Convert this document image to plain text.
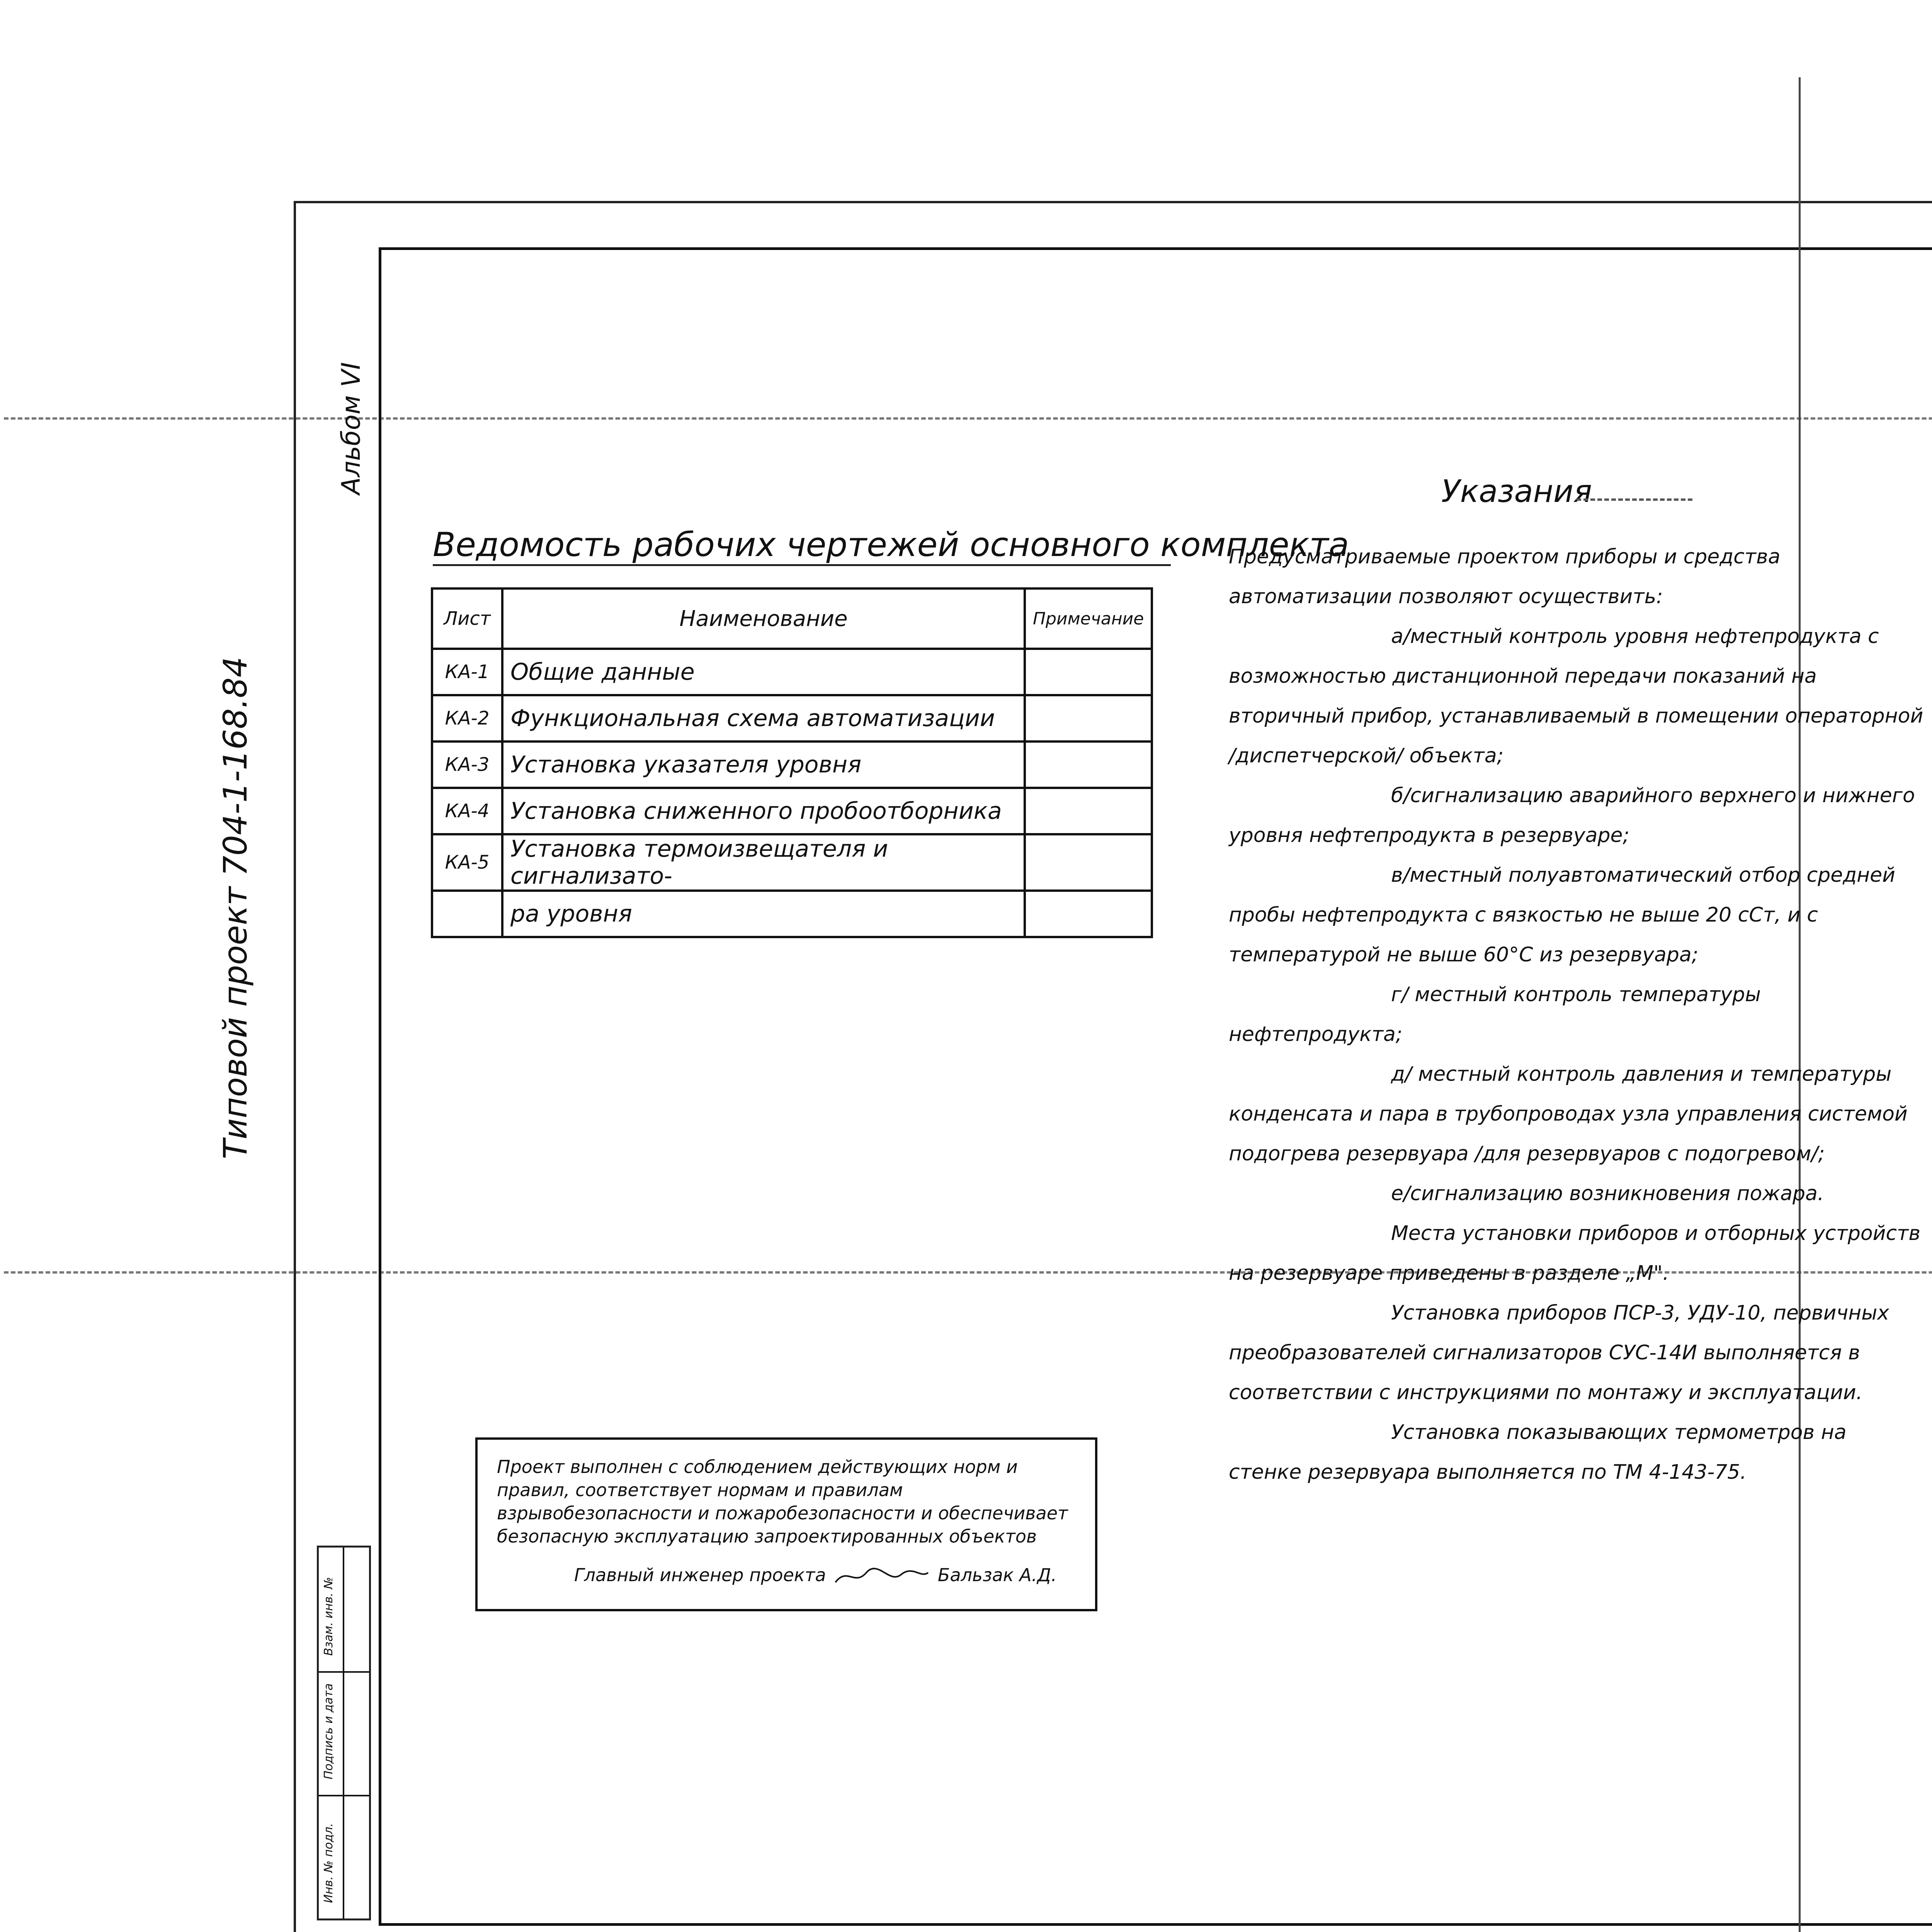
Типовой проект 704-1-168.84
Альбом VI
Ведомость рабочих чертежей основного комплекта
Лист	Наименование	Примечание
КА-1	Общие данные	
КА-2	Функциональная схема автоматизации	
КА-3	Установка указателя уровня	
КА-4	Установка сниженного пробоотборника	
КА-5	Установка термоизвещателя и сигнализато-	
	ра уровня	
Указания

Предусматриваемые проектом приборы и средства автоматизации позволяют осуществить:

а/местный контроль уровня нефтепродукта с возможностью дистанционной передачи показаний на вторичный прибор, устанавливаемый в помещении операторной /диспетчерской/ объекта;

б/сигнализацию аварийного верхнего и нижнего уровня нефтепродукта в резервуаре;

в/местный полуавтоматический отбор средней пробы нефтепродукта с вязкостью не выше 20 сСт, и с температурой не выше 60°С из резервуара;

г/ местный контроль температуры нефтепродукта;

д/ местный контроль давления и температуры конденсата и пара в трубопроводах узла управления системой подогрева резервуара /для резервуаров с подогревом/;

е/сигнализацию возникновения пожара.

Места установки приборов и отборных устройств на резервуаре приведены в разделе „М".

Установка приборов ПСР-3, УДУ-10, первичных преобразователей сигнализаторов СУС-14И выполняется в соответствии с инструкциями по монтажу и эксплуатации.

Установка показывающих термометров на стенке резервуара выполняется по ТМ 4-143-75.

Проект выполнен с соблюдением действующих норм и правил, соответствует нормам и правилам взрывобезопасности и пожаробезопасности и обеспечивает безопасную эксплуатацию запроектированных объектов
Главный инженер проекта	Бальзак А.Д.
Взам. инв. №
Подпись и дата
Инв. № подл.
